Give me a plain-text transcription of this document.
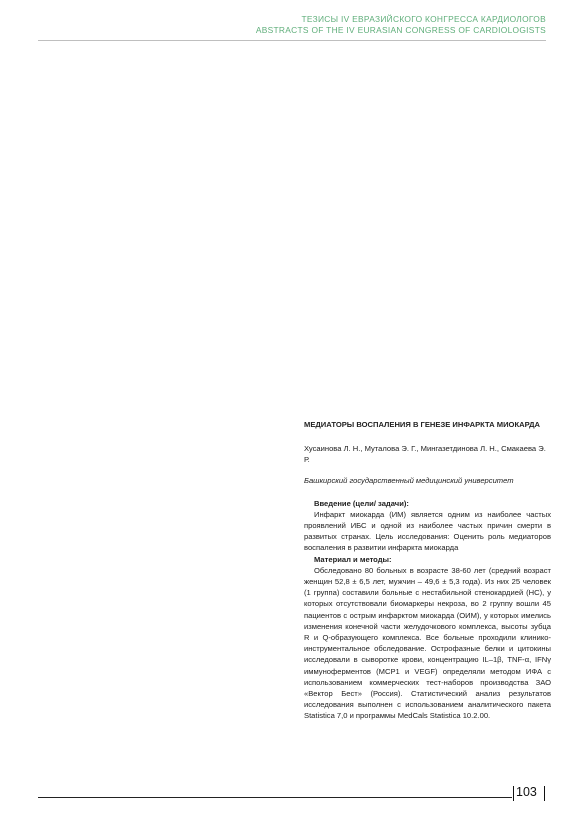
ТЕЗИСЫ IV ЕВРАЗИЙСКОГО КОНГРЕССА КАРДИОЛОГОВ
ABSTRACTS OF THE IV EURASIAN CONGRESS OF CARDIOLOGISTS
МЕДИАТОРЫ ВОСПАЛЕНИЯ В ГЕНЕЗЕ ИНФАРКТА МИОКАРДА
Хусаинова Л. Н., Муталова Э. Г., Мингазетдинова Л. Н., Смакаева Э. Р.
Башкирский государственный медицинский университет
Введение (цели/ задачи):

Инфаркт миокарда (ИМ) является одним из наиболее частых проявлений ИБС и одной из наиболее частых причин смерти в развитых странах. Цель исследования: Оценить роль медиаторов воспаления в развитии инфаркта миокарда

Материал и методы:

Обследовано 80 больных в возрасте 38-60 лет (средний возраст женщин 52,8 ± 6,5 лет, мужчин – 49,6 ± 5,3 года). Из них 25 человек (1 группа) составили больные с нестабильной стенокардией (НС), у которых отсутствовали биомаркеры некроза, во 2 группу вошли 45 пациентов с острым инфарктом миокарда (ОИМ), у которых имелись изменения конечной части желудочкового комплекса, высоты зубца R и Q-образующего комплекса. Все больные проходили клинико-инструментальное обследование. Острофазные белки и цитокины исследовали в сыворотке крови, концентрацию IL–1β, TNF-α, IFNγ иммуноферментов (MCP1 и VEGF) определяли методом ИФА с использованием коммерческих тест-наборов производства ЗАО «Вектор Бест» (Россия). Статистический анализ результатов исследования выполнен с использованием аналитического пакета Statistica 7,0 и программы MedCals Statistica 10.2.00.

103
